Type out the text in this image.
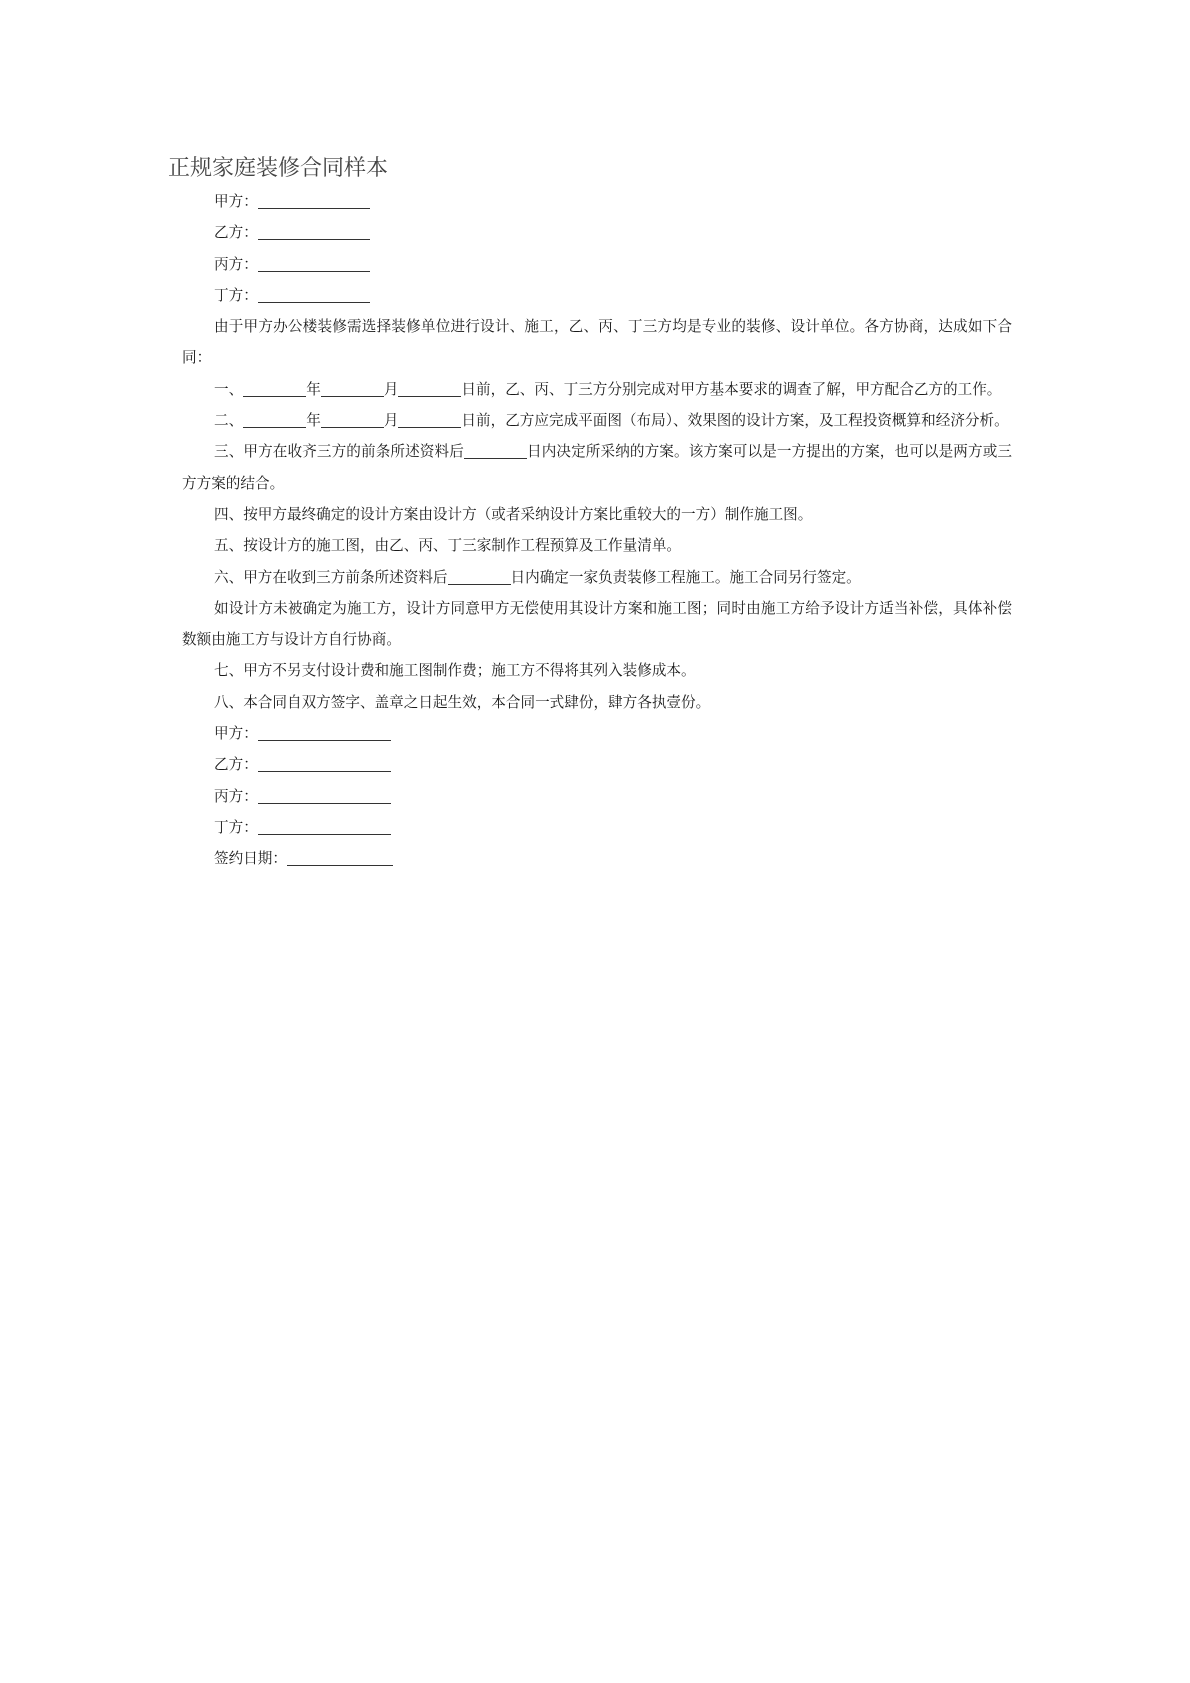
正规家庭装修合同样本
甲方：
乙方：
丙方：
丁方：
由于甲方办公楼装修需选择装修单位进行设计、施工，乙、丙、丁三方均是专业的装修、设计单位。各方协商，达成如下合同：
一、	年	月	日前，乙、丙、丁三方分别完成对甲方基本要求的调查了解，甲方配合乙方的工作。
二、	年	月	日前，乙方应完成平面图（布局）、效果图的设计方案，及工程投资概算和经济分析。
三、甲方在收齐三方的前条所述资料后	日内决定所采纳的方案。该方案可以是一方提出的方案，也可以是两方或三方方案的结合。
四、按甲方最终确定的设计方案由设计方（或者采纳设计方案比重较大的一方）制作施工图。
五、按设计方的施工图，由乙、丙、丁三家制作工程预算及工作量清单。
六、甲方在收到三方前条所述资料后	日内确定一家负责装修工程施工。施工合同另行签定。
如设计方未被确定为施工方，设计方同意甲方无偿使用其设计方案和施工图；同时由施工方给予设计方适当补偿，具体补偿数额由施工方与设计方自行协商。
七、甲方不另支付设计费和施工图制作费；施工方不得将其列入装修成本。
八、本合同自双方签字、盖章之日起生效，本合同一式肆份，肆方各执壹份。
甲方：
乙方：
丙方：
丁方：
签约日期：
